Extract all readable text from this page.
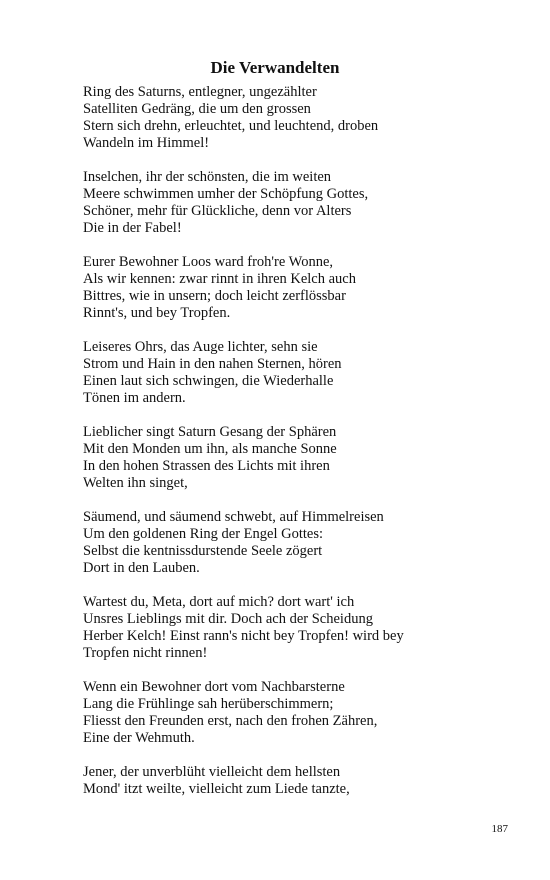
Die Verwandelten
Ring des Saturns, entlegner, ungezählter
Satelliten Gedräng, die um den grossen
Stern sich drehn, erleuchtet, und leuchtend, droben
Wandeln im Himmel!
Inselchen, ihr der schönsten, die im weiten
Meere schwimmen umher der Schöpfung Gottes,
Schöner, mehr für Glückliche, denn vor Alters
Die in der Fabel!
Eurer Bewohner Loos ward froh're Wonne,
Als wir kennen: zwar rinnt in ihren Kelch auch
Bittres, wie in unsern; doch leicht zerflössbar
Rinnt's, und bey Tropfen.
Leiseres Ohrs, das Auge lichter, sehn sie
Strom und Hain in den nahen Sternen, hören
Einen laut sich schwingen, die Wiederhalle
Tönen im andern.
Lieblicher singt Saturn Gesang der Sphären
Mit den Monden um ihn, als manche Sonne
In den hohen Strassen des Lichts mit ihren
Welten ihn singet,
Säumend, und säumend schwebt, auf Himmelreisen
Um den goldenen Ring der Engel Gottes:
Selbst die kentnissdurstende Seele zögert
Dort in den Lauben.
Wartest du, Meta, dort auf mich? dort wart' ich
Unsres Lieblings mit dir. Doch ach der Scheidung
Herber Kelch! Einst rann's nicht bey Tropfen! wird bey
Tropfen nicht rinnen!
Wenn ein Bewohner dort vom Nachbarsterne
Lang die Frühlinge sah herüberschimmern;
Fliesst den Freunden erst, nach den frohen Zähren,
Eine der Wehmuth.
Jener, der unverblüht vielleicht dem hellsten
Mond' itzt weilte, vielleicht zum Liede tanzte,
187
